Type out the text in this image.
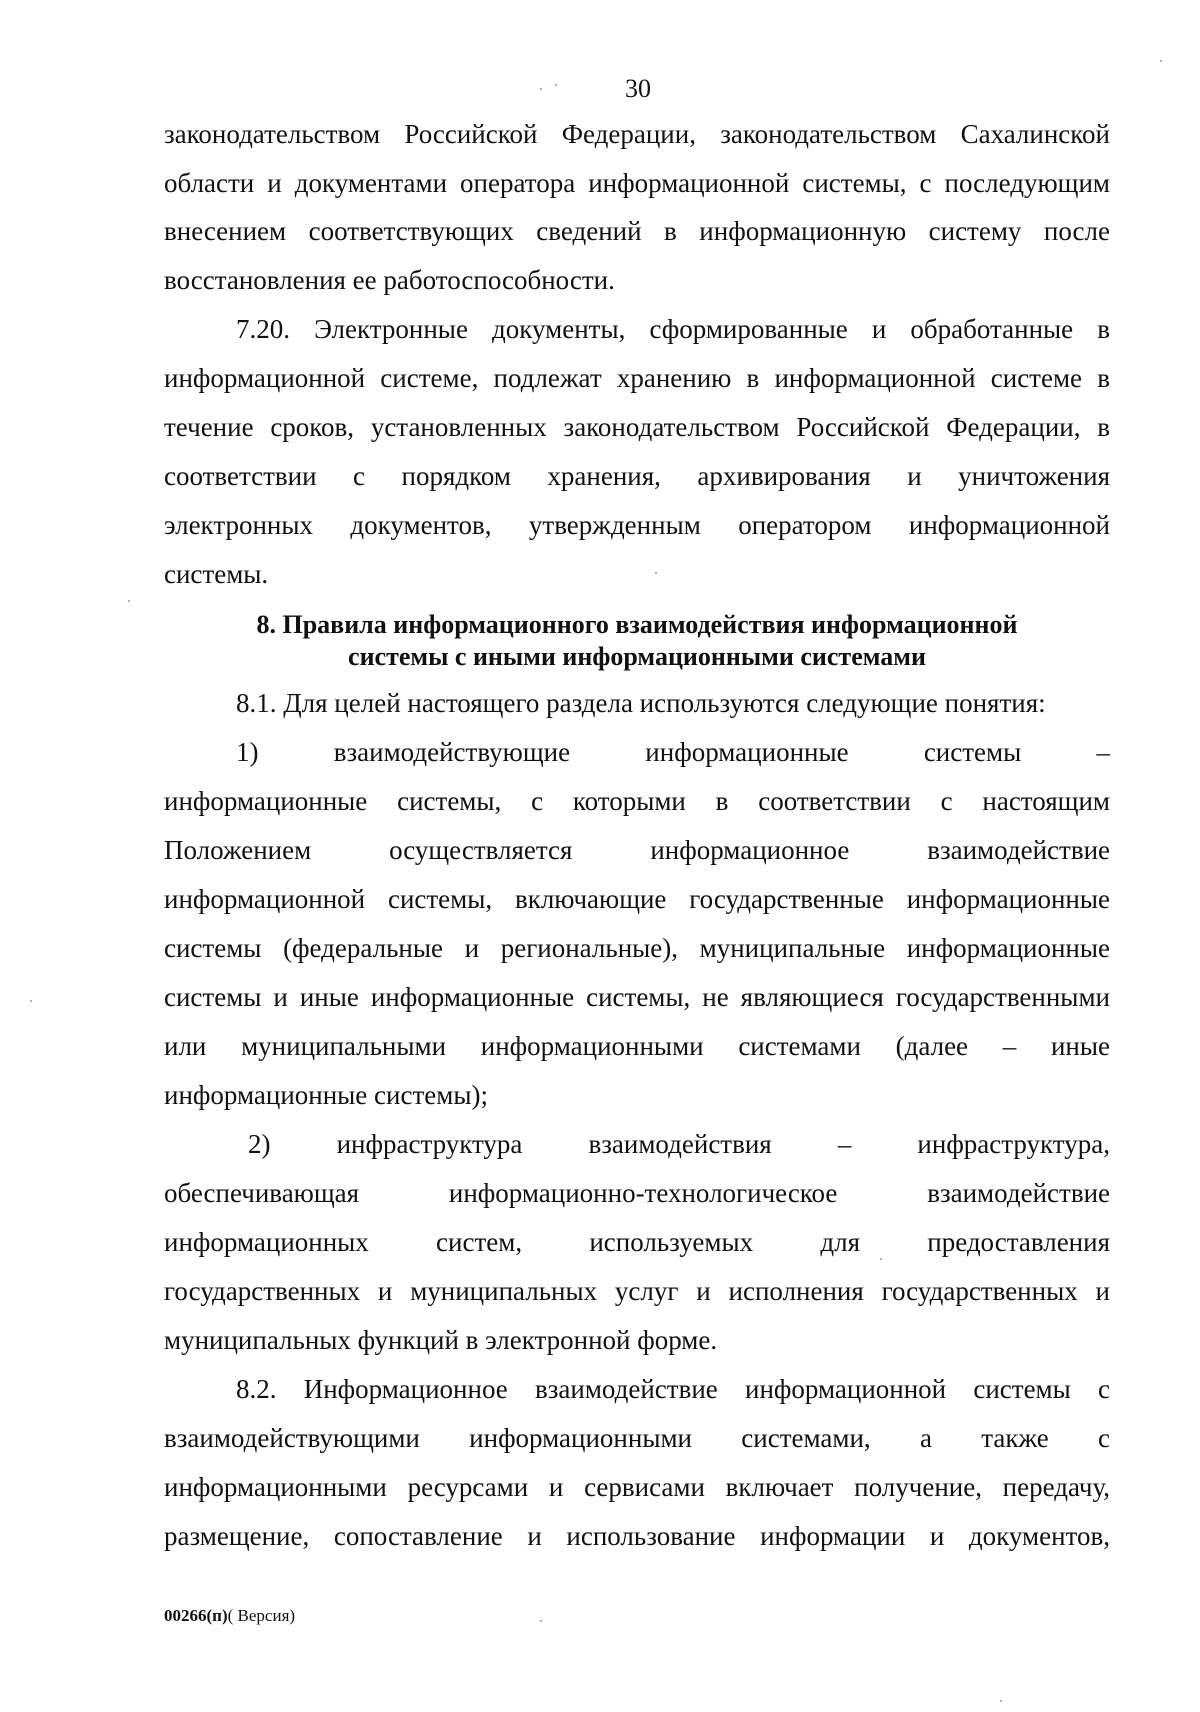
30
законодательством Российской Федерации, законодательством Сахалинской
области и документами оператора информационной системы, с последующим
внесением соответствующих сведений в информационную систему после
восстановления ее работоспособности.
7.20. Электронные документы, сформированные и обработанные в
информационной системе, подлежат хранению в информационной системе в
течение сроков, установленных законодательством Российской Федерации, в
соответствии с порядком хранения, архивирования и уничтожения
электронных документов, утвержденным оператором информационной
системы.
8. Правила информационного взаимодействия информационной
системы с иными информационными системами
8.1. Для целей настоящего раздела используются следующие понятия:
1) взаимодействующие информационные системы –
информационные системы, с которыми в соответствии с настоящим
Положением осуществляется информационное взаимодействие
информационной системы, включающие государственные информационные
системы (федеральные и региональные), муниципальные информационные
системы и иные информационные системы, не являющиеся государственными
или муниципальными информационными системами (далее – иные
информационные системы);
2) инфраструктура взаимодействия – инфраструктура,
обеспечивающая информационно-технологическое взаимодействие
информационных систем, используемых для предоставления
государственных и муниципальных услуг и исполнения государственных и
муниципальных функций в электронной форме.
8.2. Информационное взаимодействие информационной системы с
взаимодействующими информационными системами, а также с
информационными ресурсами и сервисами включает получение, передачу,
размещение, сопоставление и использование информации и документов,
00266(п)( Версия)
